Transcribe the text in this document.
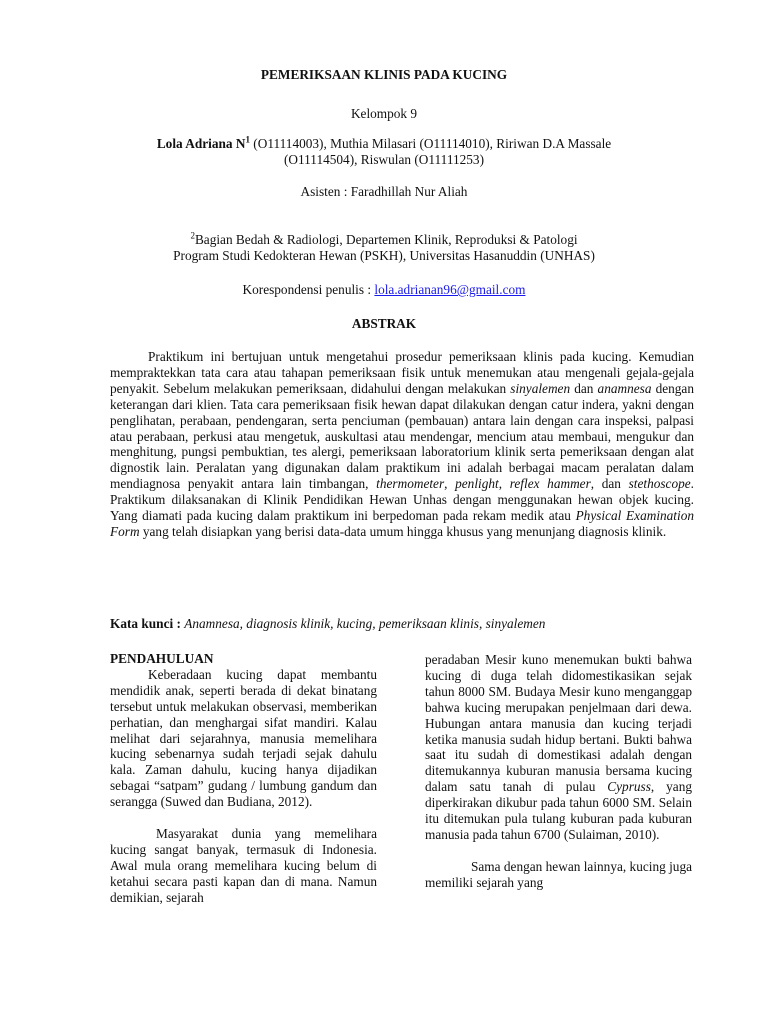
PEMERIKSAAN KLINIS PADA KUCING
Kelompok 9
Lola Adriana $N^1$ (O11114003), Muthia Milasari (O11114010), Ririwan D.A Massale
(O11114504), Riswulan (O11111253)
Asisten : Faradhillah Nur Aliah
$^2$Bagian Bedah & Radiologi, Departemen Klinik, Reproduksi & Patologi
Program Studi Kedokteran Hewan (PSKH), Universitas Hasanuddin (UNHAS)
Korespondensi penulis : lola.adrianan96@gmail.com
ABSTRAK
Praktikum ini bertujuan untuk mengetahui prosedur pemeriksaan klinis pada kucing. Kemudian mempraktekkan tata cara atau tahapan pemeriksaan fisik untuk menemukan atau mengenali gejala-gejala penyakit. Sebelum melakukan pemeriksaan, didahului dengan melakukan sinyalemen dan anamnesa dengan keterangan dari klien. Tata cara pemeriksaan fisik hewan dapat dilakukan dengan catur indera, yakni dengan penglihatan, perabaan, pendengaran, serta penciuman (pembauan) antara lain dengan cara inspeksi, palpasi atau perabaan, perkusi atau mengetuk, auskultasi atau mendengar, mencium atau membaui, mengukur dan menghitung, pungsi pembuktian, tes alergi, pemeriksaan laboratorium klinik serta pemeriksaan dengan alat dignostik lain. Peralatan yang digunakan dalam praktikum ini adalah berbagai macam peralatan dalam mendiagnosa penyakit antara lain timbangan, thermometer, penlight, reflex hammer, dan stethoscope. Praktikum dilaksanakan di Klinik Pendidikan Hewan Unhas dengan menggunakan hewan objek kucing. Yang diamati pada kucing dalam praktikum ini berpedoman pada rekam medik atau Physical Examination Form yang telah disiapkan yang berisi data-data umum hingga khusus yang menunjang diagnosis klinik.
Kata kunci : Anamnesa, diagnosis klinik, kucing, pemeriksaan klinis, sinyalemen
PENDAHULUAN

Keberadaan kucing dapat membantu mendidik anak, seperti berada di dekat binatang tersebut untuk melakukan observasi, memberikan perhatian, dan menghargai sifat mandiri. Kalau melihat dari sejarahnya, manusia memelihara kucing sebenarnya sudah terjadi sejak dahulu kala. Zaman dahulu, kucing hanya dijadikan sebagai “satpam” gudang / lumbung gandum dan serangga (Suwed dan Budiana, 2012).

Masyarakat dunia yang memelihara kucing sangat banyak, termasuk di Indonesia. Awal mula orang memelihara kucing belum di ketahui secara pasti kapan dan di mana. Namun demikian, sejarah

peradaban Mesir kuno menemukan bukti bahwa kucing di duga telah didomestikasikan sejak tahun 8000 SM. Budaya Mesir kuno menganggap bahwa kucing merupakan penjelmaan dari dewa. Hubungan antara manusia dan kucing terjadi ketika manusia sudah hidup bertani. Bukti bahwa saat itu sudah di domestikasi adalah dengan ditemukannya kuburan manusia bersama kucing dalam satu tanah di pulau Cypruss, yang diperkirakan dikubur pada tahun 6000 SM. Selain itu ditemukan pula tulang kuburan pada kuburan manusia pada tahun 6700 (Sulaiman, 2010).

Sama dengan hewan lainnya, kucing juga memiliki sejarah yang
